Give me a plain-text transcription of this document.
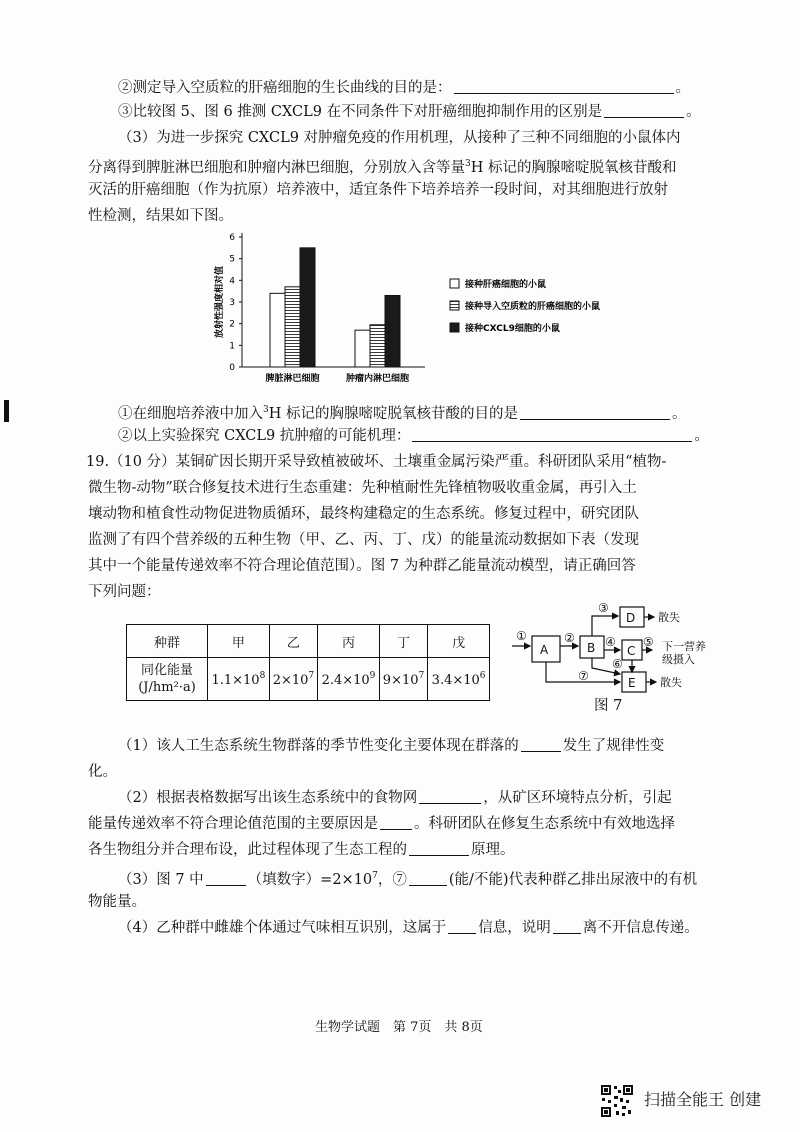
②测定导入空质粒的肝癌细胞的生长曲线的目的是：	。
③比较图 5、图 6 推测 CXCL9 在不同条件下对肝癌细胞抑制作用的区别是	。
（3）为进一步探究 CXCL9 对肿瘤免疫的作用机理，从接种了三种不同细胞的小鼠体内
分离得到脾脏淋巴细胞和肿瘤内淋巴细胞，分别放入含等量$^3$H 标记的胸腺嘧啶脱氧核苷酸和
灭活的肝癌细胞（作为抗原）培养液中，适宜条件下培养培养一段时间，对其细胞进行放射
性检测，结果如下图。
0
1
2
3
4
5
6
放射性强度相对值
脾脏淋巴细胞	肿瘤内淋巴细胞
接种肝癌细胞的小鼠
接种导入空质粒的肝癌细胞的小鼠
接种CXCL9细胞的小鼠
①在细胞培养液中加入$^3$H 标记的胸腺嘧啶脱氧核苷酸的目的是	。
②以上实验探究 CXCL9 抗肿瘤的可能机理：	。
19.（10 分）某铜矿因长期开采导致植被破坏、土壤重金属污染严重。科研团队采用“植物-
微生物-动物”联合修复技术进行生态重建：先种植耐性先锋植物吸收重金属，再引入土
壤动物和植食性动物促进物质循环，最终构建稳定的生态系统。修复过程中，研究团队
监测了有四个营养级的五种生物（甲、乙、丙、丁、戊）的能量流动数据如下表（发现
其中一个能量传递效率不符合理论值范围）。图 7 为种群乙能量流动模型，请正确回答
下列问题：
种群	甲	乙	丙	丁	戊
同化能量
(J/hm²·a)	$1.1\times 10^8$	$2\times 10^7$	$2.4\times 10^9$	$9\times 10^7$	$3.4\times 10^6$
A	B
D
C
E
①	②
③
④ ⑤
⑥
⑦
散失
下一营养
级摄入
散失
图 7
（1）该人工生态系统生物群落的季节性变化主要体现在群落的	发生了规律性变
化。
（2）根据表格数据写出该生态系统中的食物网	，从矿区环境特点分析，引起
能量传递效率不符合理论值范围的主要原因是 。科研团队在修复生态系统中有效地选择
各生物组分并合理布设，此过程体现了生态工程的	原理。
（3）图 7 中	（填数字）$=2\times 10^7$，⑦	(能/不能)代表种群乙排出尿液中的有机
物能量。
（4）乙种群中雌雄个体通过气味相互识别，这属于 信息，说明 离不开信息传递。
生物学试题　第 7页　共 8页
扫描全能王 创建
